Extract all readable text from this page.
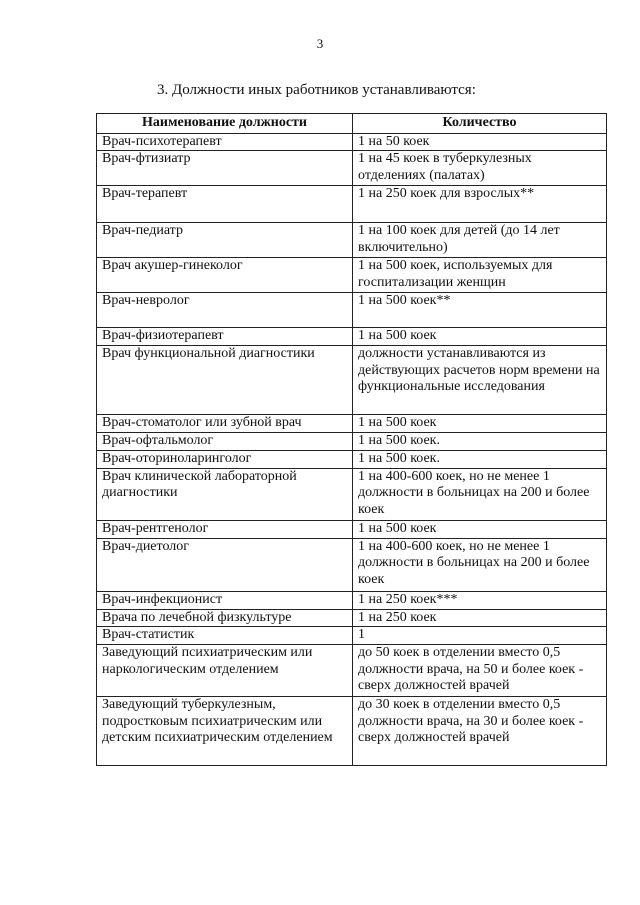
3
3. Должности иных работников устанавливаются:
Наименование должности	Количество
Врач-психотерапевт	1 на 50 коек
Врач-фтизиатр	1 на 45 коек в туберкулезных отделениях (палатах)
Врач-терапевт	1 на 250 коек для взрослых**
Врач-педиатр	1 на 100 коек для детей (до 14 лет включительно)
Врач акушер-гинеколог	1 на 500 коек, используемых для госпитализации женщин
Врач-невролог	1 на 500 коек**
Врач-физиотерапевт	1 на 500 коек
Врач функциональной диагностики	должности устанавливаются из действующих расчетов норм времени на функциональные исследования
Врач-стоматолог или зубной врач	1 на 500 коек
Врач-офтальмолог	1 на 500 коек.
Врач-оториноларинголог	1 на 500 коек.
Врач клинической лабораторной диагностики	1 на 400-600 коек, но не менее 1 должности в больницах на 200 и более коек
Врач-рентгенолог	1 на 500 коек
Врач-диетолог	1 на 400-600 коек, но не менее 1 должности в больницах на 200 и более коек
Врач-инфекционист	1 на 250 коек***
Врача по лечебной физкультуре	1 на 250 коек
Врач-статистик	1
Заведующий психиатрическим или наркологическим отделением	до 50 коек в отделении вместо 0,5 должности врача, на 50 и более коек - сверх должностей врачей
Заведующий туберкулезным, подростковым психиатрическим или детским психиатрическим отделением	до 30 коек в отделении вместо 0,5 должности врача, на 30 и более коек - сверх должностей врачей
